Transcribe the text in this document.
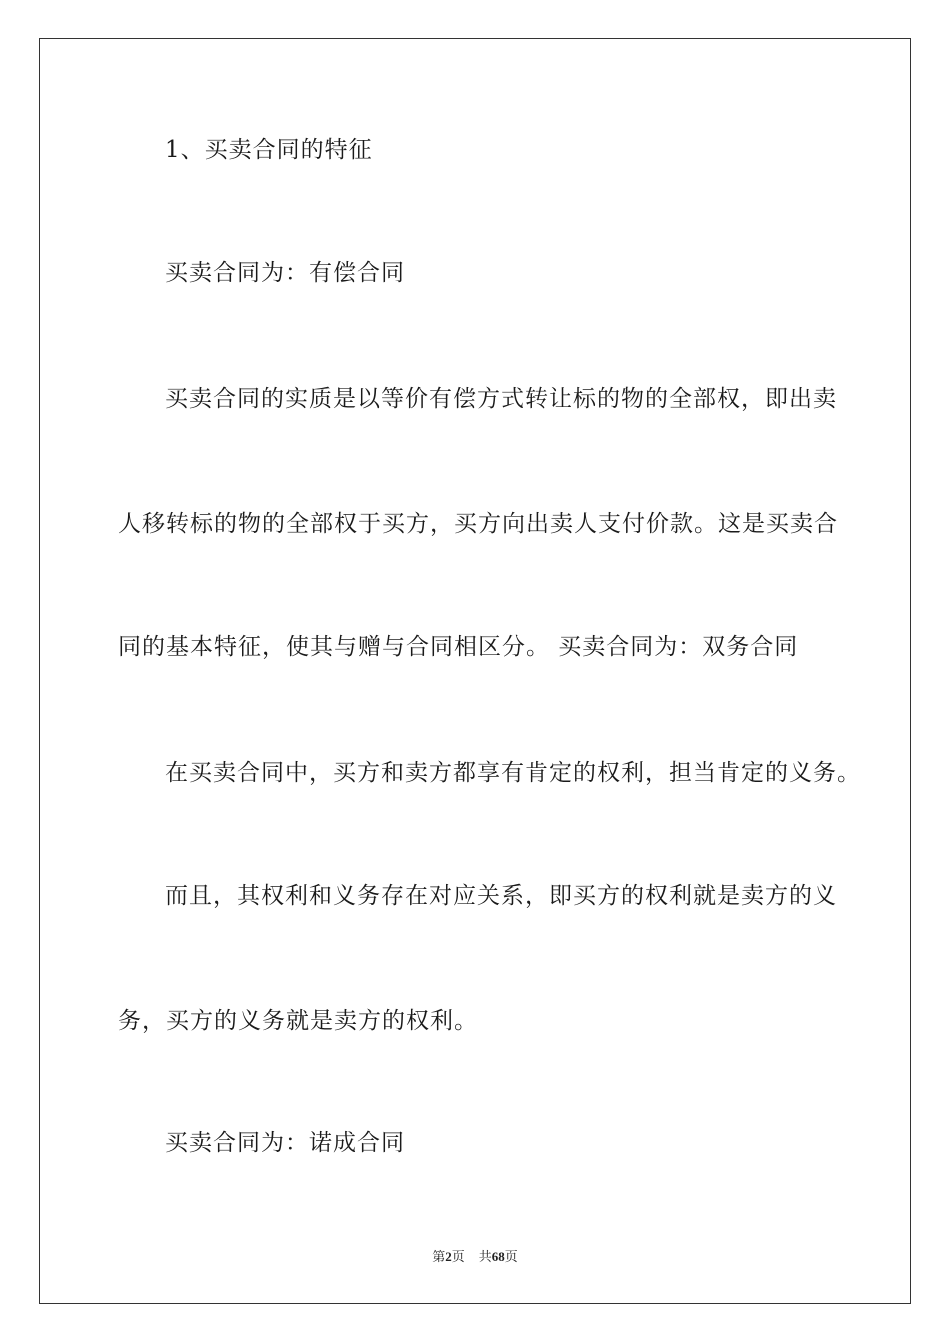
1、买卖合同的特征
买卖合同为：有偿合同
买卖合同的实质是以等价有偿方式转让标的物的全部权，即出卖
人移转标的物的全部权于买方，买方向出卖人支付价款。这是买卖合
同的基本特征，使其与赠与合同相区分。 买卖合同为：双务合同
在买卖合同中，买方和卖方都享有肯定的权利，担当肯定的义务。
而且，其权利和义务存在对应关系，即买方的权利就是卖方的义
务，买方的义务就是卖方的权利。
买卖合同为：诺成合同
第2页 共68页
